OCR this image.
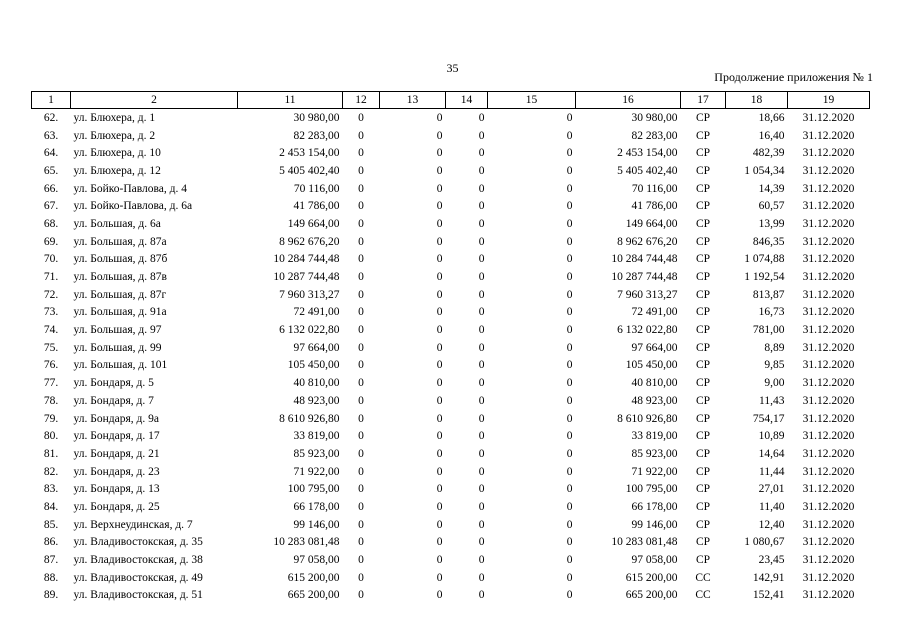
35
Продолжение приложения № 1
1	2	11	12	13	14	15	16	17	18	19
62.	ул. Блюхера, д. 1	30 980,00	0	0	0	0	30 980,00	СР	18,66	31.12.2020
63.	ул. Блюхера, д. 2	82 283,00	0	0	0	0	82 283,00	СР	16,40	31.12.2020
64.	ул. Блюхера, д. 10	2 453 154,00	0	0	0	0	2 453 154,00	СР	482,39	31.12.2020
65.	ул. Блюхера, д. 12	5 405 402,40	0	0	0	0	5 405 402,40	СР	1 054,34	31.12.2020
66.	ул. Бойко-Павлова, д. 4	70 116,00	0	0	0	0	70 116,00	СР	14,39	31.12.2020
67.	ул. Бойко-Павлова, д. 6а	41 786,00	0	0	0	0	41 786,00	СР	60,57	31.12.2020
68.	ул. Большая, д. 6а	149 664,00	0	0	0	0	149 664,00	СР	13,99	31.12.2020
69.	ул. Большая, д. 87а	8 962 676,20	0	0	0	0	8 962 676,20	СР	846,35	31.12.2020
70.	ул. Большая, д. 87б	10 284 744,48	0	0	0	0	10 284 744,48	СР	1 074,88	31.12.2020
71.	ул. Большая, д. 87в	10 287 744,48	0	0	0	0	10 287 744,48	СР	1 192,54	31.12.2020
72.	ул. Большая, д. 87г	7 960 313,27	0	0	0	0	7 960 313,27	СР	813,87	31.12.2020
73.	ул. Большая, д. 91а	72 491,00	0	0	0	0	72 491,00	СР	16,73	31.12.2020
74.	ул. Большая, д. 97	6 132 022,80	0	0	0	0	6 132 022,80	СР	781,00	31.12.2020
75.	ул. Большая, д. 99	97 664,00	0	0	0	0	97 664,00	СР	8,89	31.12.2020
76.	ул. Большая, д. 101	105 450,00	0	0	0	0	105 450,00	СР	9,85	31.12.2020
77.	ул. Бондаря, д. 5	40 810,00	0	0	0	0	40 810,00	СР	9,00	31.12.2020
78.	ул. Бондаря, д. 7	48 923,00	0	0	0	0	48 923,00	СР	11,43	31.12.2020
79.	ул. Бондаря, д. 9а	8 610 926,80	0	0	0	0	8 610 926,80	СР	754,17	31.12.2020
80.	ул. Бондаря, д. 17	33 819,00	0	0	0	0	33 819,00	СР	10,89	31.12.2020
81.	ул. Бондаря, д. 21	85 923,00	0	0	0	0	85 923,00	СР	14,64	31.12.2020
82.	ул. Бондаря, д. 23	71 922,00	0	0	0	0	71 922,00	СР	11,44	31.12.2020
83.	ул. Бондаря, д. 13	100 795,00	0	0	0	0	100 795,00	СР	27,01	31.12.2020
84.	ул. Бондаря, д. 25	66 178,00	0	0	0	0	66 178,00	СР	11,40	31.12.2020
85.	ул. Верхнеудинская, д. 7	99 146,00	0	0	0	0	99 146,00	СР	12,40	31.12.2020
86.	ул. Владивостокская, д. 35	10 283 081,48	0	0	0	0	10 283 081,48	СР	1 080,67	31.12.2020
87.	ул. Владивостокская, д. 38	97 058,00	0	0	0	0	97 058,00	СР	23,45	31.12.2020
88.	ул. Владивостокская, д. 49	615 200,00	0	0	0	0	615 200,00	СС	142,91	31.12.2020
89.	ул. Владивостокская, д. 51	665 200,00	0	0	0	0	665 200,00	СС	152,41	31.12.2020
